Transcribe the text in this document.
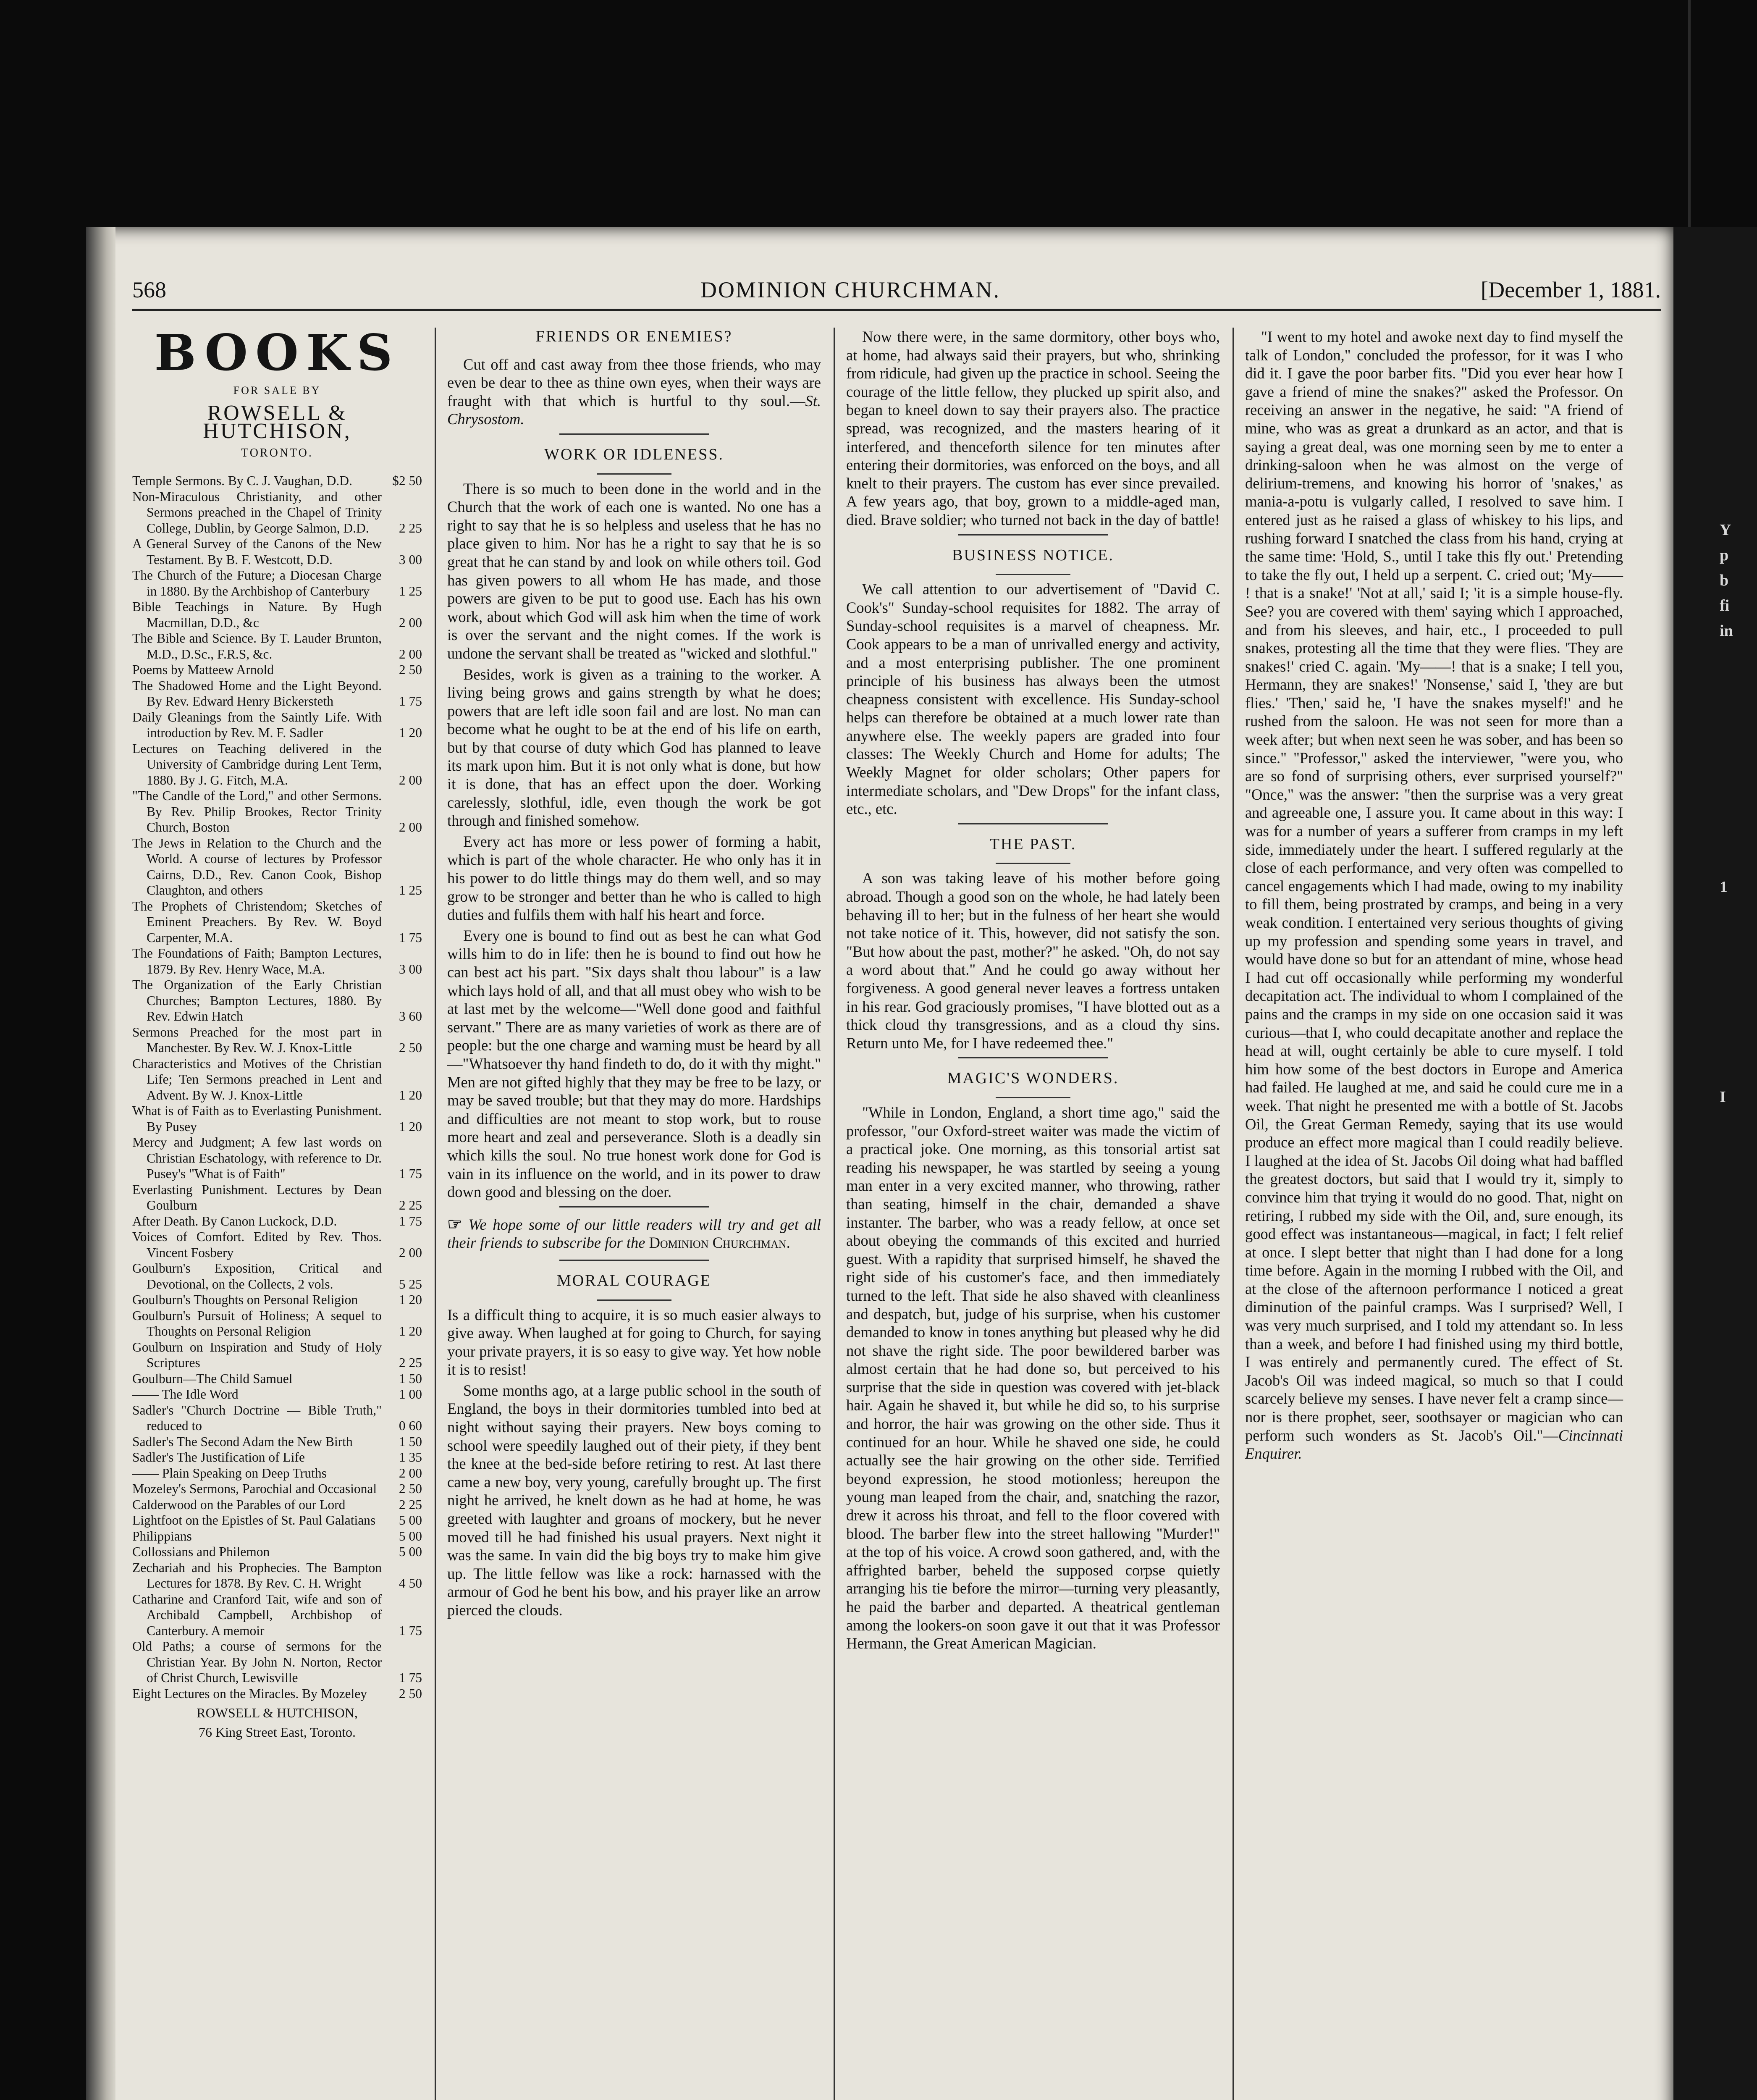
568	DOMINION CHURCHMAN.	[December 1, 1881.
BOOKS
FOR SALE BY
ROWSELL & HUTCHISON,
TORONTO.
Temple Sermons. By C. J. Vaughan, D.D.	$2 50
Non-Miraculous Christianity, and other Sermons preached in the Chapel of Trinity College, Dublin, by George Salmon, D.D.	2 25
A General Survey of the Canons of the New Testament. By B. F. Westcott, D.D.	3 00
The Church of the Future; a Diocesan Charge in 1880. By the Archbishop of Canterbury	1 25
Bible Teachings in Nature. By Hugh Macmillan, D.D., &c	2 00
The Bible and Science. By T. Lauder Brunton, M.D., D.Sc., F.R.S, &c.	2 00
Poems by Matteew Arnold	2 50
The Shadowed Home and the Light Beyond. By Rev. Edward Henry Bickersteth	1 75
Daily Gleanings from the Saintly Life. With introduction by Rev. M. F. Sadler	1 20
Lectures on Teaching delivered in the University of Cambridge during Lent Term, 1880. By J. G. Fitch, M.A.	2 00
"The Candle of the Lord," and other Sermons. By Rev. Philip Brookes, Rector Trinity Church, Boston	2 00
The Jews in Relation to the Church and the World. A course of lectures by Professor Cairns, D.D., Rev. Canon Cook, Bishop Claughton, and others	1 25
The Prophets of Christendom; Sketches of Eminent Preachers. By Rev. W. Boyd Carpenter, M.A.	1 75
The Foundations of Faith; Bampton Lectures, 1879. By Rev. Henry Wace, M.A.	3 00
The Organization of the Early Christian Churches; Bampton Lectures, 1880. By Rev. Edwin Hatch	3 60
Sermons Preached for the most part in Manchester. By Rev. W. J. Knox-Little	2 50
Characteristics and Motives of the Christian Life; Ten Sermons preached in Lent and Advent. By W. J. Knox-Little	1 20
What is of Faith as to Everlasting Punishment. By Pusey	1 20
Mercy and Judgment; A few last words on Christian Eschatology, with reference to Dr. Pusey's "What is of Faith"	1 75
Everlasting Punishment. Lectures by Dean Goulburn	2 25
After Death. By Canon Luckock, D.D.	1 75
Voices of Comfort. Edited by Rev. Thos. Vincent Fosbery	2 00
Goulburn's Exposition, Critical and Devotional, on the Collects, 2 vols.	5 25
Goulburn's Thoughts on Personal Religion	1 20
Goulburn's Pursuit of Holiness; A sequel to Thoughts on Personal Religion	1 20
Goulburn on Inspiration and Study of Holy Scriptures	2 25
Goulburn—The Child Samuel	1 50
—— The Idle Word	1 00
Sadler's "Church Doctrine — Bible Truth," reduced to	0 60
Sadler's The Second Adam the New Birth	1 50
Sadler's The Justification of Life	1 35
—— Plain Speaking on Deep Truths	2 00
Mozeley's Sermons, Parochial and Occasional	2 50
Calderwood on the Parables of our Lord	2 25
Lightfoot on the Epistles of St. Paul Galatians	5 00
Philippians	5 00
Collossians and Philemon	5 00
Zechariah and his Prophecies. The Bampton Lectures for 1878. By Rev. C. H. Wright	4 50
Catharine and Cranford Tait, wife and son of Archibald Campbell, Archbishop of Canterbury. A memoir	1 75
Old Paths; a course of sermons for the Christian Year. By John N. Norton, Rector of Christ Church, Lewisville	1 75
Eight Lectures on the Miracles. By Mozeley	2 50
ROWSELL & HUTCHISON,
76 King Street East, Toronto.
FRIENDS OR ENEMIES?

Cut off and cast away from thee those friends, who may even be dear to thee as thine own eyes, when their ways are fraught with that which is hurtful to thy soul.—St. Chrysostom.

WORK OR IDLENESS.

There is so much to been done in the world and in the Church that the work of each one is wanted. No one has a right to say that he is so helpless and useless that he has no place given to him. Nor has he a right to say that he is so great that he can stand by and look on while others toil. God has given powers to all whom He has made, and those powers are given to be put to good use. Each has his own work, about which God will ask him when the time of work is over the servant and the night comes. If the work is undone the servant shall be treated as "wicked and slothful."

Besides, work is given as a training to the worker. A living being grows and gains strength by what he does; powers that are left idle soon fail and are lost. No man can become what he ought to be at the end of his life on earth, but by that course of duty which God has planned to leave its mark upon him. But it is not only what is done, but how it is done, that has an effect upon the doer. Working carelessly, slothful, idle, even though the work be got through and finished somehow.

Every act has more or less power of forming a habit, which is part of the whole character. He who only has it in his power to do little things may do them well, and so may grow to be stronger and better than he who is called to high duties and fulfils them with half his heart and force.

Every one is bound to find out as best he can what God wills him to do in life: then he is bound to find out how he can best act his part. "Six days shalt thou labour" is a law which lays hold of all, and that all must obey who wish to be at last met by the welcome—"Well done good and faithful servant." There are as many varieties of work as there are of people: but the one charge and warning must be heard by all—"Whatsoever thy hand findeth to do, do it with thy might." Men are not gifted highly that they may be free to be lazy, or may be saved trouble; but that they may do more. Hardships and difficulties are not meant to stop work, but to rouse more heart and zeal and perseverance. Sloth is a deadly sin which kills the soul. No true honest work done for God is vain in its influence on the world, and in its power to draw down good and blessing on the doer.

☞ We hope some of our little readers will try and get all their friends to subscribe for the Dominion Churchman.

MORAL COURAGE

Is a difficult thing to acquire, it is so much easier always to give away. When laughed at for going to Church, for saying your private prayers, it is so easy to give way. Yet how noble it is to resist!

Some months ago, at a large public school in the south of England, the boys in their dormitories tumbled into bed at night without saying their prayers. New boys coming to school were speedily laughed out of their piety, if they bent the knee at the bed-side before retiring to rest. At last there came a new boy, very young, carefully brought up. The first night he arrived, he knelt down as he had at home, he was greeted with laughter and groans of mockery, but he never moved till he had finished his usual prayers. Next night it was the same. In vain did the big boys try to make him give up. The little fellow was like a rock: harnassed with the armour of God he bent his bow, and his prayer like an arrow pierced the clouds.

Now there were, in the same dormitory, other boys who, at home, had always said their prayers, but who, shrinking from ridicule, had given up the practice in school. Seeing the courage of the little fellow, they plucked up spirit also, and began to kneel down to say their prayers also. The practice spread, was recognized, and the masters hearing of it interfered, and thenceforth silence for ten minutes after entering their dormitories, was enforced on the boys, and all knelt to their prayers. The custom has ever since prevailed. A few years ago, that boy, grown to a middle-aged man, died. Brave soldier; who turned not back in the day of battle!

BUSINESS NOTICE.

We call attention to our advertisement of "David C. Cook's" Sunday-school requisites for 1882. The array of Sunday-school requisites is a marvel of cheapness. Mr. Cook appears to be a man of unrivalled energy and activity, and a most enterprising publisher. The one prominent principle of his business has always been the utmost cheapness consistent with excellence. His Sunday-school helps can therefore be obtained at a much lower rate than anywhere else. The weekly papers are graded into four classes: The Weekly Church and Home for adults; The Weekly Magnet for older scholars; Other papers for intermediate scholars, and "Dew Drops" for the infant class, etc., etc.

THE PAST.

A son was taking leave of his mother before going abroad. Though a good son on the whole, he had lately been behaving ill to her; but in the fulness of her heart she would not take notice of it. This, however, did not satisfy the son. "But how about the past, mother?" he asked. "Oh, do not say a word about that." And he could go away without her forgiveness. A good general never leaves a fortress untaken in his rear. God graciously promises, "I have blotted out as a thick cloud thy transgressions, and as a cloud thy sins. Return unto Me, for I have redeemed thee."

MAGIC'S WONDERS.

"While in London, England, a short time ago," said the professor, "our Oxford-street waiter was made the victim of a practical joke. One morning, as this tonsorial artist sat reading his newspaper, he was startled by seeing a young man enter in a very excited manner, who throwing, rather than seating, himself in the chair, demanded a shave instanter. The barber, who was a ready fellow, at once set about obeying the commands of this excited and hurried guest. With a rapidity that surprised himself, he shaved the right side of his customer's face, and then immediately turned to the left. That side he also shaved with cleanliness and despatch, but, judge of his surprise, when his customer demanded to know in tones anything but pleased why he did not shave the right side. The poor bewildered barber was almost certain that he had done so, but perceived to his surprise that the side in question was covered with jet-black hair. Again he shaved it, but while he did so, to his surprise and horror, the hair was growing on the other side. Thus it continued for an hour. While he shaved one side, he could actually see the hair growing on the other side. Terrified beyond expression, he stood motionless; hereupon the young man leaped from the chair, and, snatching the razor, drew it across his throat, and fell to the floor covered with blood. The barber flew into the street hallowing "Murder!" at the top of his voice. A crowd soon gathered, and, with the affrighted barber, beheld the supposed corpse quietly arranging his tie before the mirror—turning very pleasantly, he paid the barber and departed. A theatrical gentleman among the lookers-on soon gave it out that it was Professor Hermann, the Great American Magician.

"I went to my hotel and awoke next day to find myself the talk of London," concluded the professor, for it was I who did it. I gave the poor barber fits. "Did you ever hear how I gave a friend of mine the snakes?" asked the Professor. On receiving an answer in the negative, he said: "A friend of mine, who was as great a drunkard as an actor, and that is saying a great deal, was one morning seen by me to enter a drinking-saloon when he was almost on the verge of delirium-tremens, and knowing his horror of 'snakes,' as mania-a-potu is vulgarly called, I resolved to save him. I entered just as he raised a glass of whiskey to his lips, and rushing forward I snatched the class from his hand, crying at the same time: 'Hold, S., until I take this fly out.' Pretending to take the fly out, I held up a serpent. C. cried out; 'My—— ! that is a snake!' 'Not at all,' said I; 'it is a simple house-fly. See? you are covered with them' saying which I approached, and from his sleeves, and hair, etc., I proceeded to pull snakes, protesting all the time that they were flies. 'They are snakes!' cried C. again. 'My——! that is a snake; I tell you, Hermann, they are snakes!' 'Nonsense,' said I, 'they are but flies.' 'Then,' said he, 'I have the snakes myself!' and he rushed from the saloon. He was not seen for more than a week after; but when next seen he was sober, and has been so since." "Professor," asked the interviewer, "were you, who are so fond of surprising others, ever surprised yourself?" "Once," was the answer: "then the surprise was a very great and agreeable one, I assure you. It came about in this way: I was for a number of years a sufferer from cramps in my left side, immediately under the heart. I suffered regularly at the close of each performance, and very often was compelled to cancel engagements which I had made, owing to my inability to fill them, being prostrated by cramps, and being in a very weak condition. I entertained very serious thoughts of giving up my profession and spending some years in travel, and would have done so but for an attendant of mine, whose head I had cut off occasionally while performing my wonderful decapitation act. The individual to whom I complained of the pains and the cramps in my side on one occasion said it was curious—that I, who could decapitate another and replace the head at will, ought certainly be able to cure myself. I told him how some of the best doctors in Europe and America had failed. He laughed at me, and said he could cure me in a week. That night he presented me with a bottle of St. Jacobs Oil, the Great German Remedy, saying that its use would produce an effect more magical than I could readily believe. I laughed at the idea of St. Jacobs Oil doing what had baffled the greatest doctors, but said that I would try it, simply to convince him that trying it would do no good. That, night on retiring, I rubbed my side with the Oil, and, sure enough, its good effect was instantaneous—magical, in fact; I felt relief at once. I slept better that night than I had done for a long time before. Again in the morning I rubbed with the Oil, and at the close of the afternoon performance I noticed a great diminution of the painful cramps. Was I surprised? Well, I was very much surprised, and I told my attendant so. In less than a week, and before I had finished using my third bottle, I was entirely and permanently cured. The effect of St. Jacob's Oil was indeed magical, so much so that I could scarcely believe my senses. I have never felt a cramp since—nor is there prophet, seer, soothsayer or magician who can perform such wonders as St. Jacob's Oil."—Cincinnati Enquirer.

Y
p
b
fi
in
1
I
